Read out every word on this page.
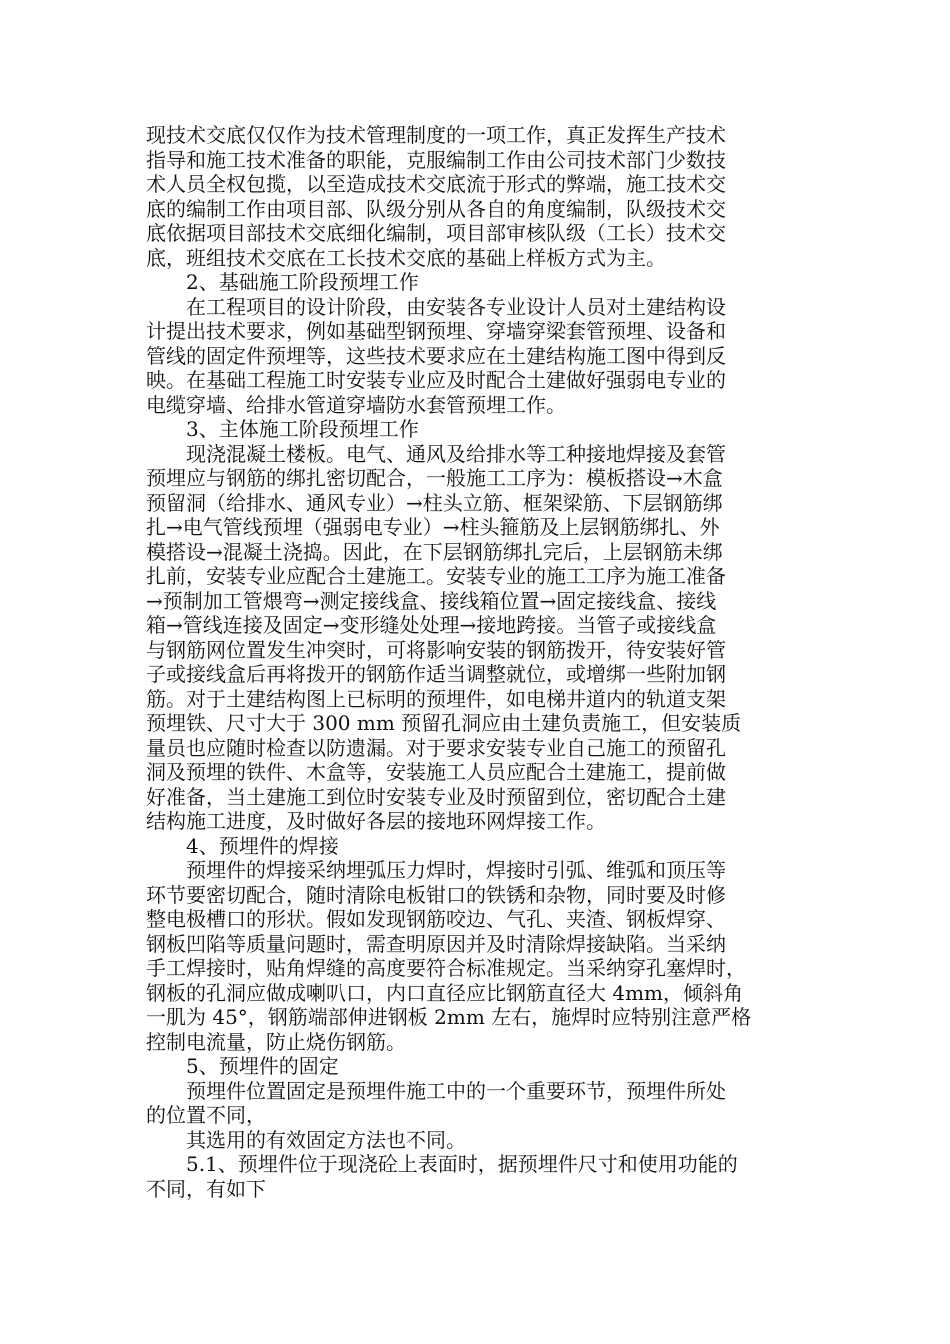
现技术交底仅仅作为技术管理制度的一项工作，真正发挥生产技术
指导和施工技术准备的职能，克服编制工作由公司技术部门少数技
术人员全权包揽，以至造成技术交底流于形式的弊端，施工技术交
底的编制工作由项目部、队级分别从各自的角度编制，队级技术交
底依据项目部技术交底细化编制，项目部审核队级（工长）技术交
底，班组技术交底在工长技术交底的基础上样板方式为主。
2、基础施工阶段预埋工作
在工程项目的设计阶段，由安装各专业设计人员对土建结构设
计提出技术要求，例如基础型钢预埋、穿墙穿梁套管预埋、设备和
管线的固定件预埋等，这些技术要求应在土建结构施工图中得到反
映。在基础工程施工时安装专业应及时配合土建做好强弱电专业的
电缆穿墙、给排水管道穿墙防水套管预埋工作。
3、主体施工阶段预埋工作
现浇混凝土楼板。电气、通风及给排水等工种接地焊接及套管
预埋应与钢筋的绑扎密切配合，一般施工工序为：模板搭设→木盒
预留洞（给排水、通风专业）→柱头立筋、框架梁筋、下层钢筋绑
扎→电气管线预埋（强弱电专业）→柱头箍筋及上层钢筋绑扎、外
模搭设→混凝土浇捣。因此，在下层钢筋绑扎完后，上层钢筋未绑
扎前，安装专业应配合土建施工。安装专业的施工工序为施工准备
→预制加工管煨弯→测定接线盒、接线箱位置→固定接线盒、接线
箱→管线连接及固定→变形缝处处理→接地跨接。当管子或接线盒
与钢筋网位置发生冲突时，可将影响安装的钢筋拨开，待安装好管
子或接线盒后再将拨开的钢筋作适当调整就位，或增绑一些附加钢
筋。对于土建结构图上已标明的预埋件，如电梯井道内的轨道支架
预埋铁、尺寸大于 300 mm 预留孔洞应由土建负责施工，但安装质
量员也应随时检查以防遗漏。对于要求安装专业自己施工的预留孔
洞及预埋的铁件、木盒等，安装施工人员应配合土建施工，提前做
好准备，当土建施工到位时安装专业及时预留到位，密切配合土建
结构施工进度，及时做好各层的接地环网焊接工作。
4、预埋件的焊接
预埋件的焊接采纳埋弧压力焊时，焊接时引弧、维弧和顶压等
环节要密切配合，随时清除电板钳口的铁锈和杂物，同时要及时修
整电极槽口的形状。假如发现钢筋咬边、气孔、夹渣、钢板焊穿、
钢板凹陷等质量问题时，需查明原因并及时清除焊接缺陷。当采纳
手工焊接时，贴角焊缝的高度要符合标准规定。当采纳穿孔塞焊时，
钢板的孔洞应做成喇叭口，内口直径应比钢筋直径大 4mm，倾斜角
一肌为 45°，钢筋端部伸进钢板 2mm 左右，施焊时应特别注意严格
控制电流量，防止烧伤钢筋。
5、预埋件的固定
预埋件位置固定是预埋件施工中的一个重要环节，预埋件所处
的位置不同，
其选用的有效固定方法也不同。
5.1、预埋件位于现浇砼上表面时，据预埋件尺寸和使用功能的
不同，有如下
